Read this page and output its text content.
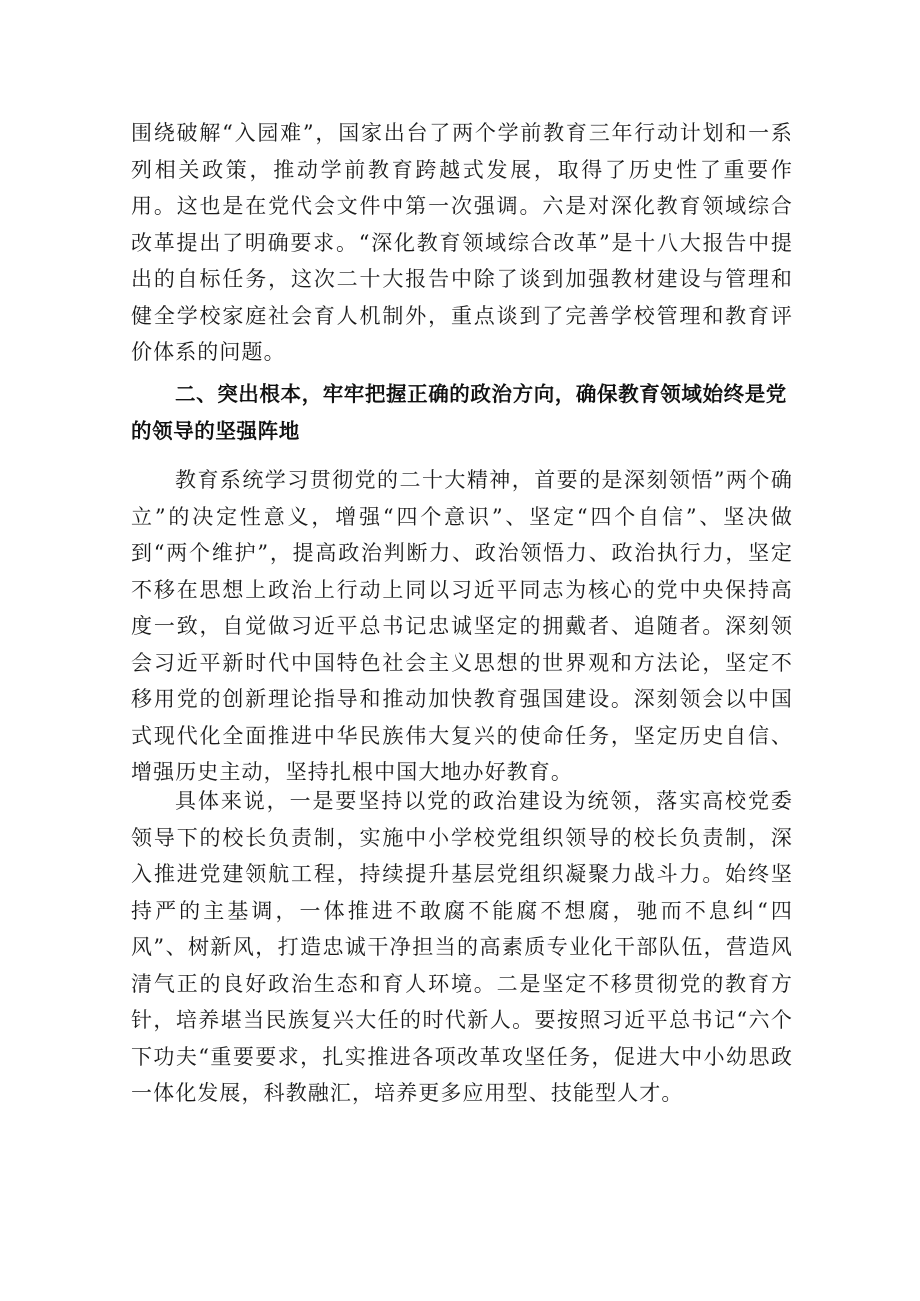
围绕破解“入园难”，国家出台了两个学前教育三年行动计划和一系列相关政策，推动学前教育跨越式发展，取得了历史性了重要作用。这也是在党代会文件中第一次强调。六是对深化教育领域综合改革提出了明确要求。“深化教育领域综合改革”是十八大报告中提出的自标任务，这次二十大报告中除了谈到加强教材建设与管理和健全学校家庭社会育人机制外，重点谈到了完善学校管理和教育评价体系的问题。

二、突出根本，牢牢把握正确的政治方向，确保教育领域始终是党的领导的坚强阵地

教育系统学习贯彻党的二十大精神，首要的是深刻领悟”两个确立”的决定性意义，增强“四个意识”、坚定“四个自信”、坚决做到“两个维护”，提高政治判断力、政治领悟力、政治执行力，坚定不移在思想上政治上行动上同以习近平同志为核心的党中央保持高度一致，自觉做习近平总书记忠诚坚定的拥戴者、追随者。深刻领会习近平新时代中国特色社会主义思想的世界观和方法论，坚定不移用党的创新理论指导和推动加快教育强国建设。深刻领会以中国式现代化全面推进中华民族伟大复兴的使命任务，坚定历史自信、增强历史主动，坚持扎根中国大地办好教育。

具体来说，一是要坚持以党的政治建设为统领，落实高校党委领导下的校长负责制，实施中小学校党组织领导的校长负责制，深入推进党建领航工程，持续提升基层党组织凝聚力战斗力。始终坚持严的主基调，一体推进不敢腐不能腐不想腐，驰而不息纠“四风”、树新风，打造忠诚干净担当的高素质专业化干部队伍，营造风清气正的良好政治生态和育人环境。二是坚定不移贯彻党的教育方针，培养堪当民族复兴大任的时代新人。要按照习近平总书记“六个下功夫“重要要求，扎实推进各项改革攻坚任务，促进大中小幼思政一体化发展，科教融汇，培养更多应用型、技能型人才。
